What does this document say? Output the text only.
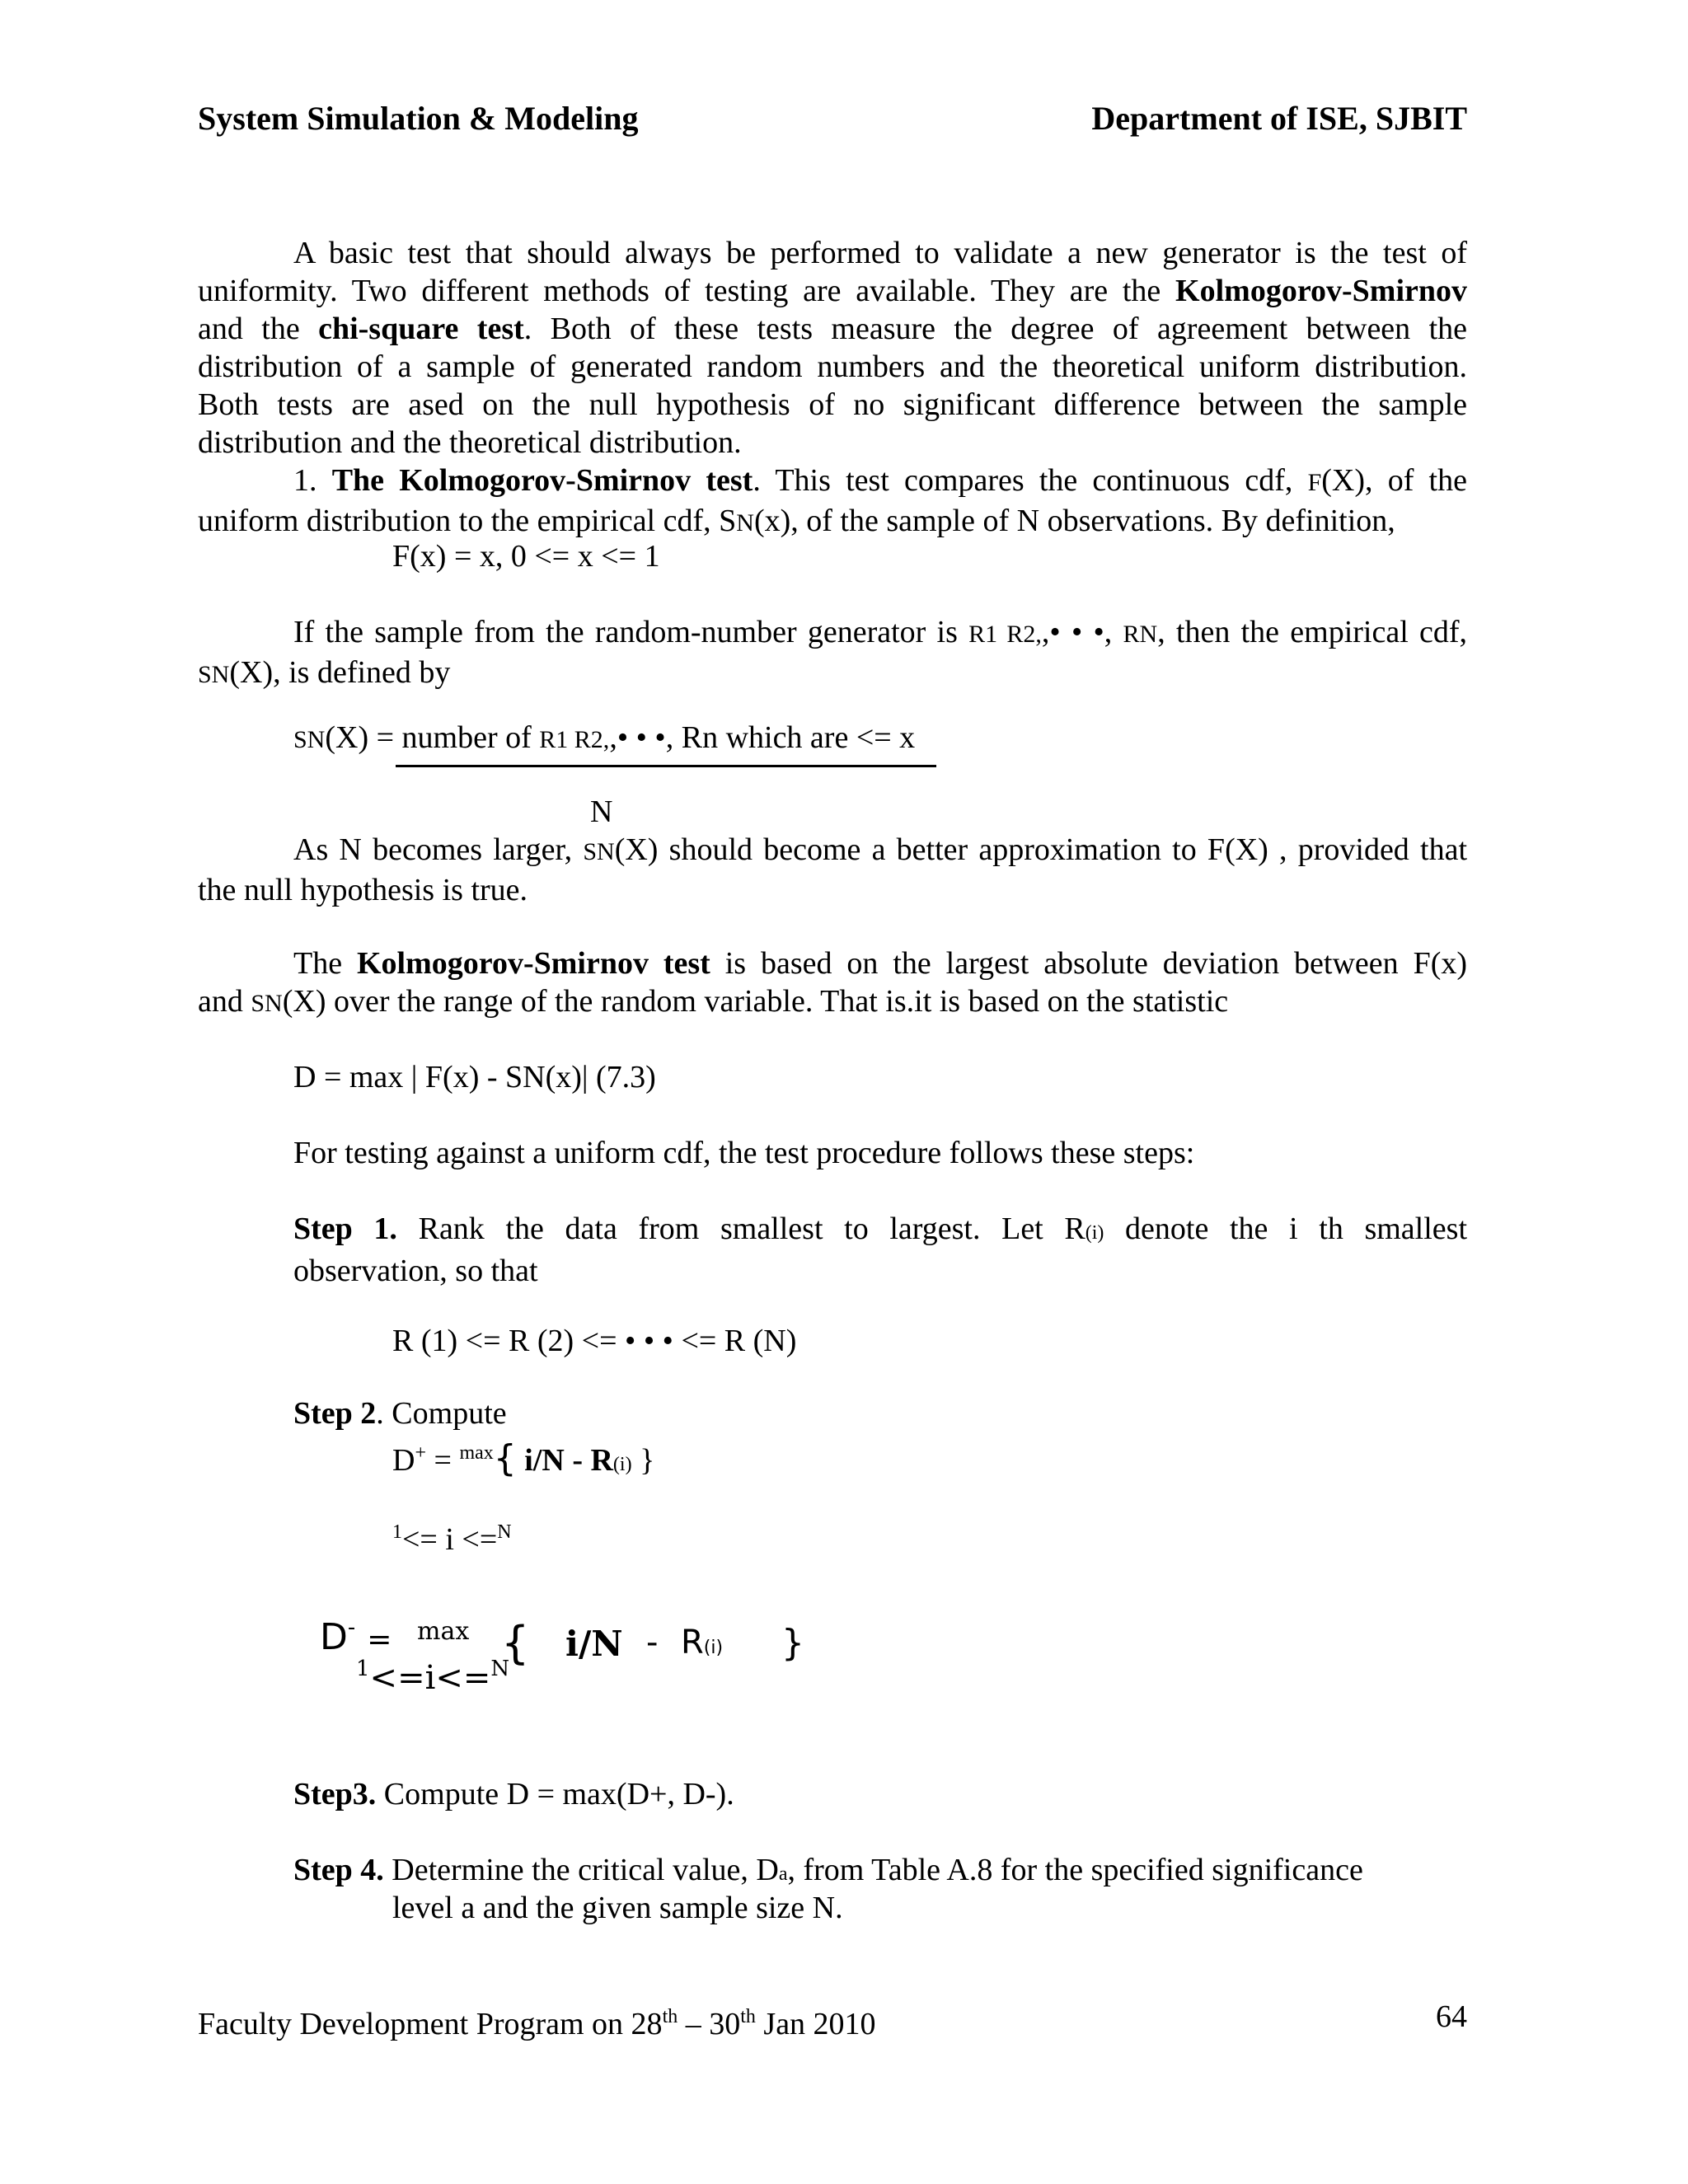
System Simulation & Modeling	Department of ISE, SJBIT
A basic test that should always be performed to validate a new generator is the test of
uniformity. Two different methods of testing are available. They are the Kolmogorov-Smirnov
and the chi-square test. Both of these tests measure the degree of agreement between the
distribution of a sample of generated random numbers and the theoretical uniform distribution.
Both tests are ased on the null hypothesis of no significant difference between the sample
distribution and the theoretical distribution.
1. The Kolmogorov-Smirnov test. This test compares the continuous cdf, F(X), of the
uniform distribution to the empirical cdf, SN(x), of the sample of N observations. By definition,
F(x) = x, 0 <= x <= 1
If the sample from the random-number generator is R1 R2,,• • •, RN, then the empirical cdf,
SN(X), is defined by
SN(X) = number of R1 R2,,• • •, Rn which are <= x
N
As N becomes larger, SN(X) should become a better approximation to F(X) , provided that
the null hypothesis is true.
The Kolmogorov-Smirnov test is based on the largest absolute deviation between F(x)
and SN(X) over the range of the random variable. That is.it is based on the statistic
D = max | F(x) - SN(x)| (7.3)
For testing against a uniform cdf, the test procedure follows these steps:
Step 1. Rank the data from smallest to largest. Let R(i) denote the i th smallest
observation, so that
R (1) <= R (2) <= • • • <= R (N)
Step 2. Compute
D+ = $^{max}${ i/N - R(i) }
$^1$<= i <=$^N$
D- = max { i/N - R(i) }
$^1$<=i<=$^N$
Step3. Compute D = max(D+, D-).
Step 4. Determine the critical value, Da, from Table A.8 for the specified significance
level a and the given sample size N.
Faculty Development Program on 28th – 30th Jan 2010	64
